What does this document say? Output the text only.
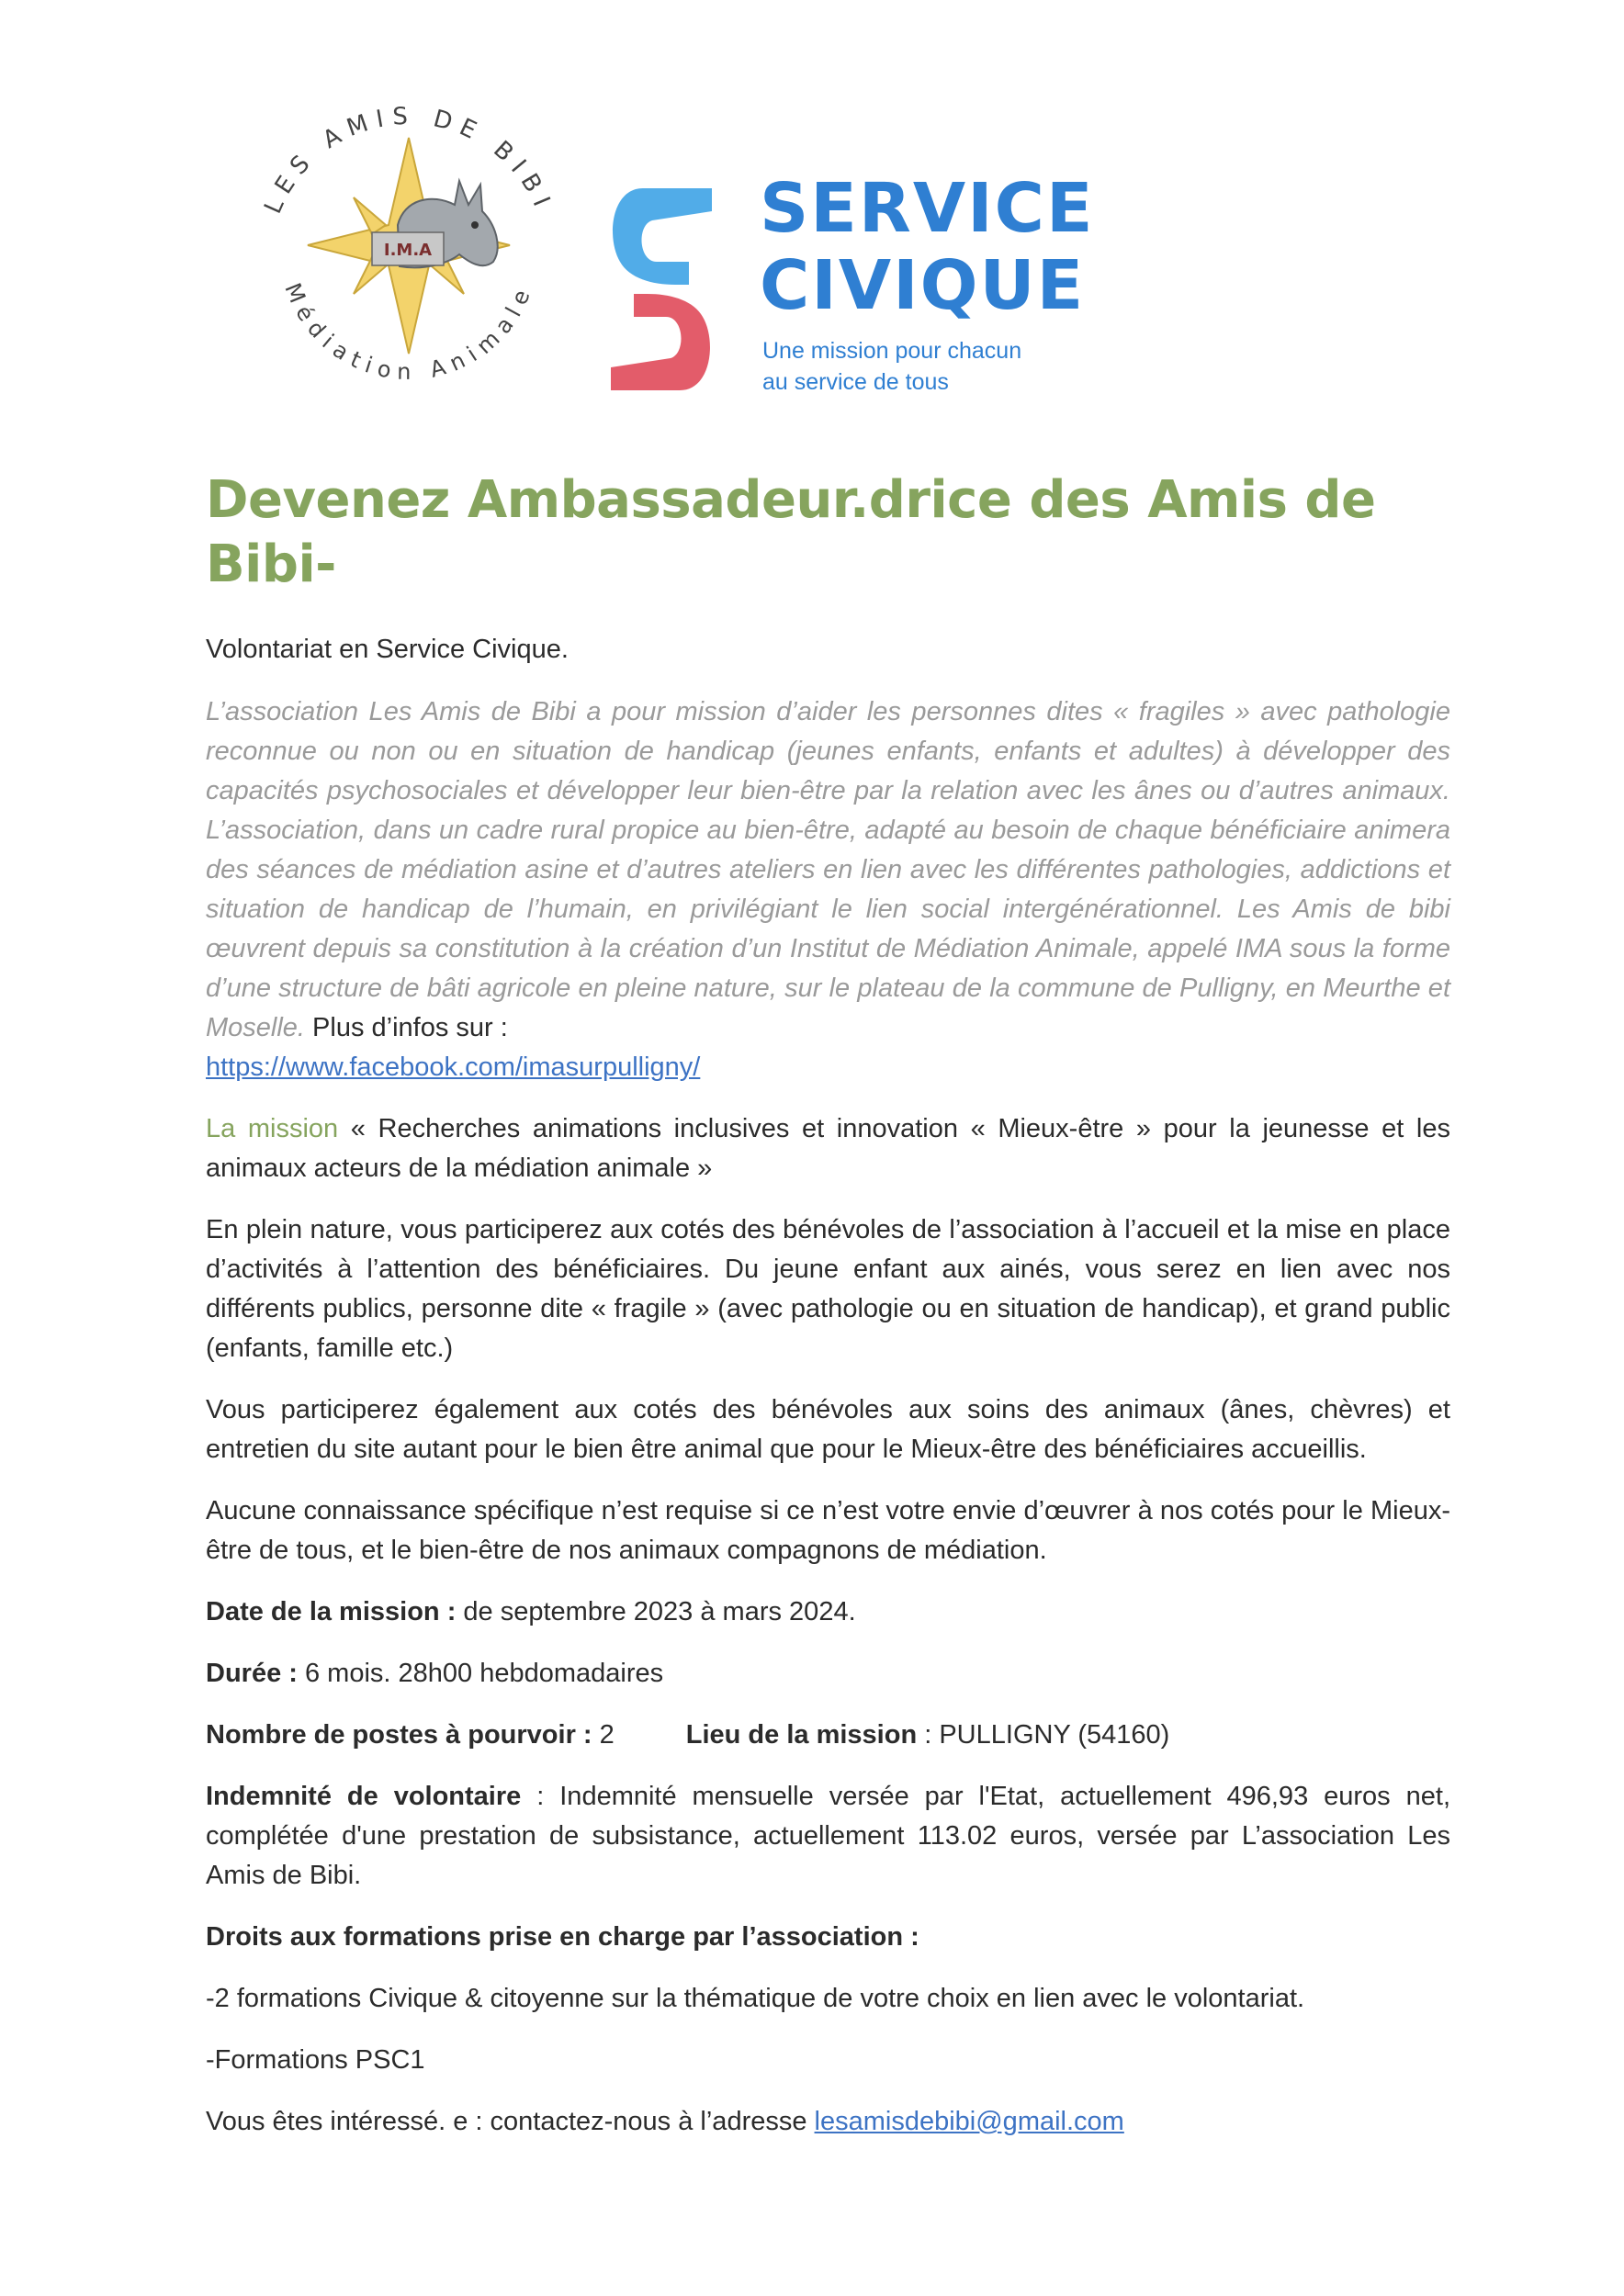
I.M.A
LES AMIS DE BIBI
Médiation Animale
SERVICE
CIVIQUE
Une mission pour chacun
au service de tous
Devenez Ambassadeur.drice des Amis de Bibi-

Volontariat en Service Civique.

L’association Les Amis de Bibi a pour mission d’aider les personnes dites « fragiles » avec pathologie reconnue ou non ou en situation de handicap (jeunes enfants, enfants et adultes) à développer des capacités psychosociales et développer leur bien-être par la relation avec les ânes ou d’autres animaux. L’association, dans un cadre rural propice au bien-être, adapté au besoin de chaque bénéficiaire animera des séances de médiation asine et d’autres ateliers en lien avec les différentes pathologies, addictions et situation de handicap de l’humain, en privilégiant le lien social intergénérationnel. Les Amis de bibi œuvrent depuis sa constitution à la création d’un Institut de Médiation Animale, appelé IMA sous la forme d’une structure de bâti agricole en pleine nature, sur le plateau de la commune de Pulligny, en Meurthe et Moselle. Plus d’infos sur :
https://www.facebook.com/imasurpulligny/

La mission « Recherches animations inclusives et innovation « Mieux-être » pour la jeunesse et les animaux acteurs de la médiation animale »

En plein nature, vous participerez aux cotés des bénévoles de l’association à l’accueil et la mise en place d’activités à l’attention des bénéficiaires. Du jeune enfant aux ainés, vous serez en lien avec nos différents publics, personne dite « fragile » (avec pathologie ou en situation de handicap), et grand public (enfants, famille etc.)

Vous participerez également aux cotés des bénévoles aux soins des animaux (ânes, chèvres) et entretien du site autant pour le bien être animal que pour le Mieux-être des bénéficiaires accueillis.

Aucune connaissance spécifique n’est requise si ce n’est votre envie d’œuvrer à nos cotés pour le Mieux-être de tous, et le bien-être de nos animaux compagnons de médiation.

Date de la mission : de septembre 2023 à mars 2024.

Durée : 6 mois. 28h00 hebdomadaires

Nombre de postes à pourvoir : 2	Lieu de la mission : PULLIGNY (54160)

Indemnité de volontaire : Indemnité mensuelle versée par l'Etat, actuellement 496,93 euros net, complétée d'une prestation de subsistance, actuellement 113.02 euros, versée par L’association Les Amis de Bibi.

Droits aux formations prise en charge par l’association :

-2 formations Civique & citoyenne sur la thématique de votre choix en lien avec le volontariat.

-Formations PSC1

Vous êtes intéressé. e : contactez-nous à l’adresse lesamisdebibi@gmail.com
